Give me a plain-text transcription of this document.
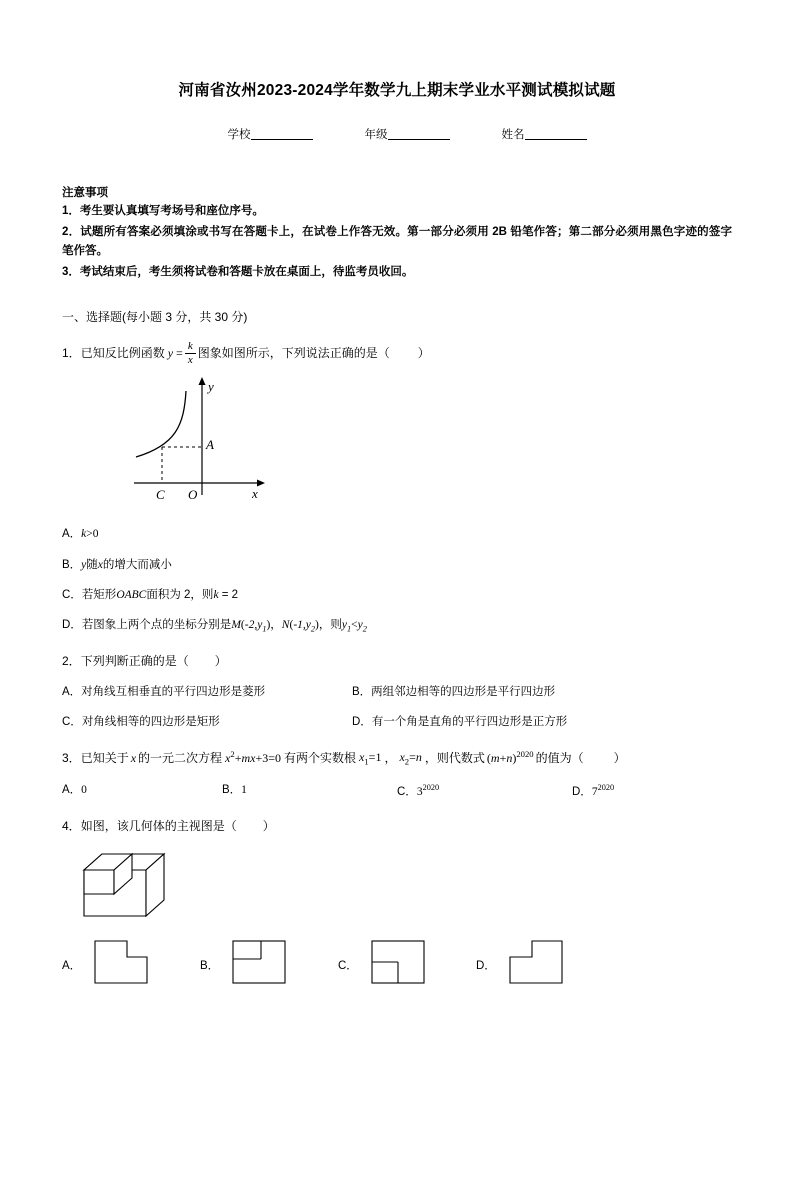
河南省汝州2023-2024学年数学九上期末学业水平测试模拟试题
学校	年级	姓名
注意事项
1．考生要认真填写考场号和座位序号。
2．试题所有答案必须填涂或书写在答题卡上，在试卷上作答无效。第一部分必须用 2B 铅笔作答；第二部分必须用黑色字迹的签字笔作答。
3．考试结束后，考生须将试卷和答题卡放在桌面上，待监考员收回。
一、选择题(每小题 3 分，共 30 分)
1． 已知反比例函数 $y = \frac{k}{x}$ 图象如图所示，下列说法正确的是（ ）
y
x
A
C O
A．k>0
B．y随x的增大而减小
C．若矩形OABC面积为 2，则k = 2
D．若图象上两个点的坐标分别是$M(-2,y_1)$，$N(-1,y_2)$，则$y_1<y_2$
2． 下列判断正确的是（ ）
A．对角线互相垂直的平行四边形是菱形	B．两组邻边相等的四边形是平行四边形
C．对角线相等的四边形是矩形	D．有一个角是直角的平行四边形是正方形
3． 已知关于 x 的一元二次方程 $x^2+mx+3=0$ 有两个实数根 $x_1=1$ ， $x_2=n$ ，则代数式 $(m+n)^{2020}$ 的值为（	）
A．0	B．1	C．$3^{2020}$	D．$7^{2020}$
4． 如图，该几何体的主视图是（ ）
A．	B．	C．	D．
